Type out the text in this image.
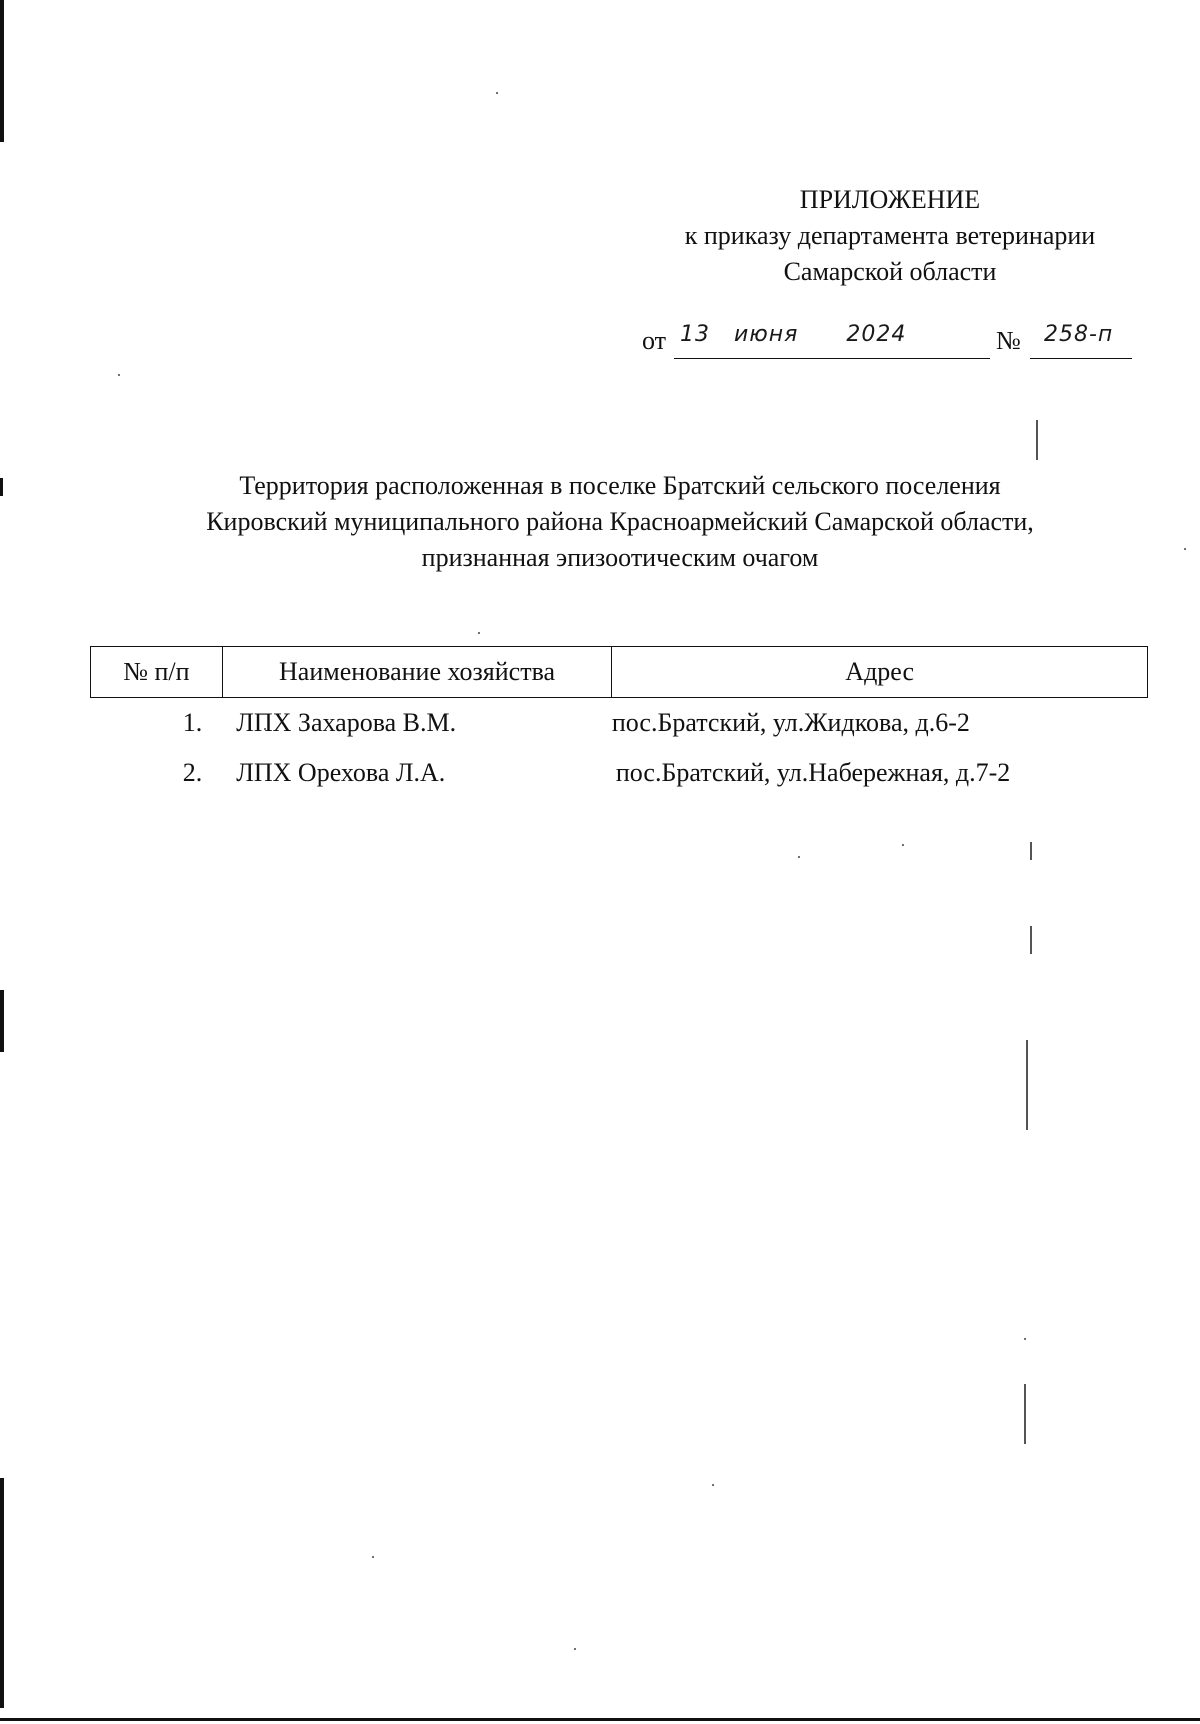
ПРИЛОЖЕНИЕ
к приказу департамента ветеринарии
Самарской области
от 13   июня      2024	№ 258-п
Территория расположенная в поселке Братский сельского поселения
Кировский муниципального района Красноармейский Самарской области,
признанная эпизоотическим очагом
№ п/п	Наименование хозяйства	Адрес
1.	ЛПХ Захарова В.М.	пос.Братский, ул.Жидкова, д.6-2
2.	ЛПХ Орехова Л.А.	пос.Братский, ул.Набережная, д.7-2
